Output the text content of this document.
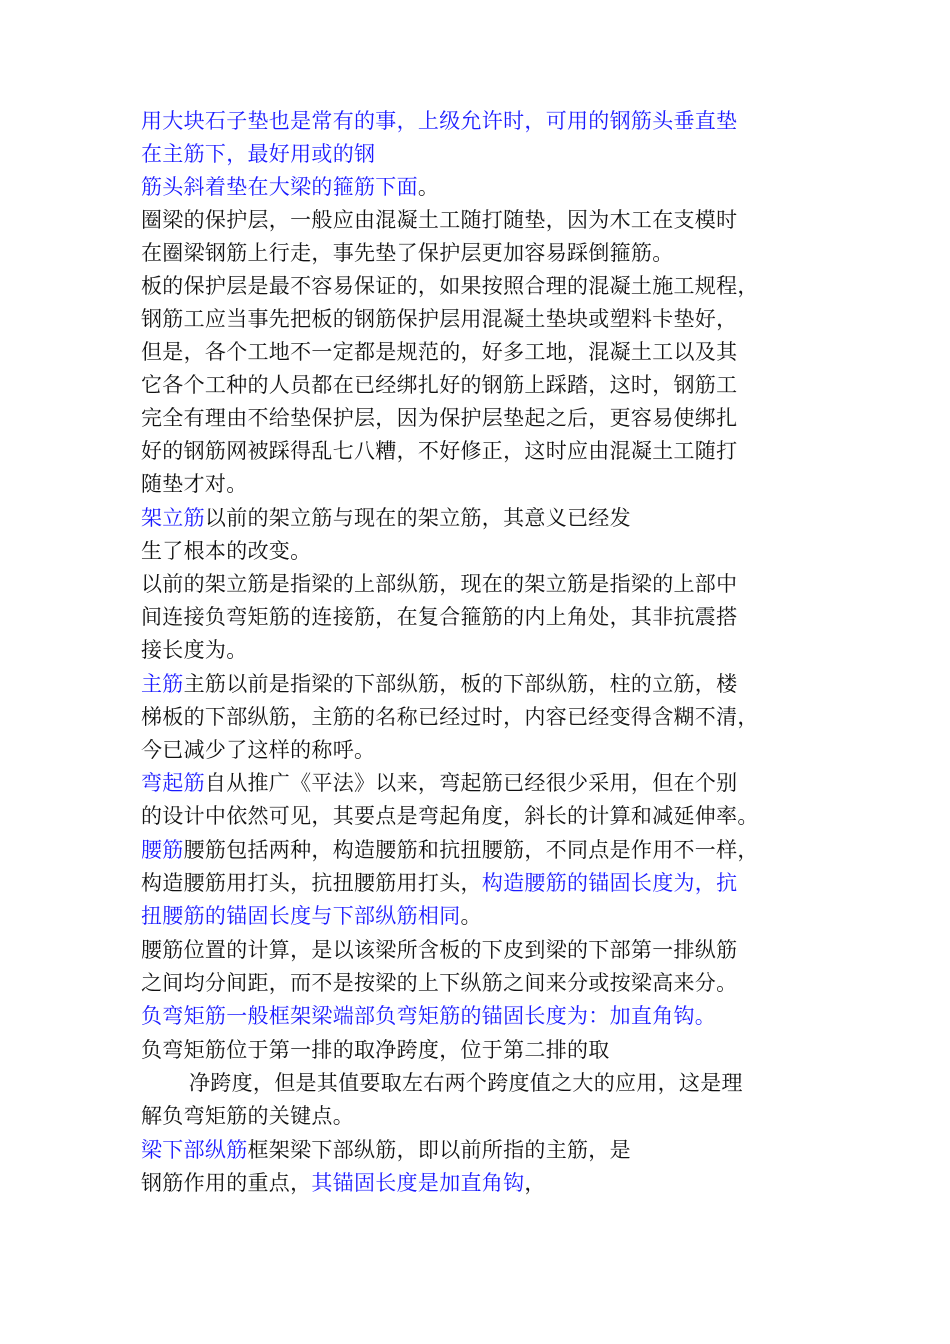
用大块石子垫也是常有的事，上级允许时，可用的钢筋头垂直垫
在主筋下，最好用或的钢
筋头斜着垫在大梁的箍筋下面。
圈梁的保护层，一般应由混凝土工随打随垫，因为木工在支模时
在圈梁钢筋上行走，事先垫了保护层更加容易踩倒箍筋。
板的保护层是最不容易保证的，如果按照合理的混凝土施工规程，
钢筋工应当事先把板的钢筋保护层用混凝土垫块或塑料卡垫好，
但是，各个工地不一定都是规范的，好多工地，混凝土工以及其
它各个工种的人员都在已经绑扎好的钢筋上踩踏，这时，钢筋工
完全有理由不给垫保护层，因为保护层垫起之后，更容易使绑扎
好的钢筋网被踩得乱七八糟，不好修正，这时应由混凝土工随打
随垫才对。
架立筋以前的架立筋与现在的架立筋，其意义已经发
生了根本的改变。
以前的架立筋是指梁的上部纵筋，现在的架立筋是指梁的上部中
间连接负弯矩筋的连接筋，在复合箍筋的内上角处，其非抗震搭
接长度为。
主筋主筋以前是指梁的下部纵筋，板的下部纵筋，柱的立筋，楼
梯板的下部纵筋，主筋的名称已经过时，内容已经变得含糊不清，
今已减少了这样的称呼。
弯起筋自从推广《平法》以来，弯起筋已经很少采用，但在个别
的设计中依然可见，其要点是弯起角度，斜长的计算和减延伸率。
腰筋腰筋包括两种，构造腰筋和抗扭腰筋，不同点是作用不一样，
构造腰筋用打头，抗扭腰筋用打头，构造腰筋的锚固长度为，抗
扭腰筋的锚固长度与下部纵筋相同。
腰筋位置的计算，是以该梁所含板的下皮到梁的下部第一排纵筋
之间均分间距，而不是按梁的上下纵筋之间来分或按梁高来分。
负弯矩筋一般框架梁端部负弯矩筋的锚固长度为：加直角钩。
负弯矩筋位于第一排的取净跨度，位于第二排的取
净跨度，但是其值要取左右两个跨度值之大的应用，这是理
解负弯矩筋的关键点。
梁下部纵筋框架梁下部纵筋，即以前所指的主筋，是
钢筋作用的重点，其锚固长度是加直角钩，
